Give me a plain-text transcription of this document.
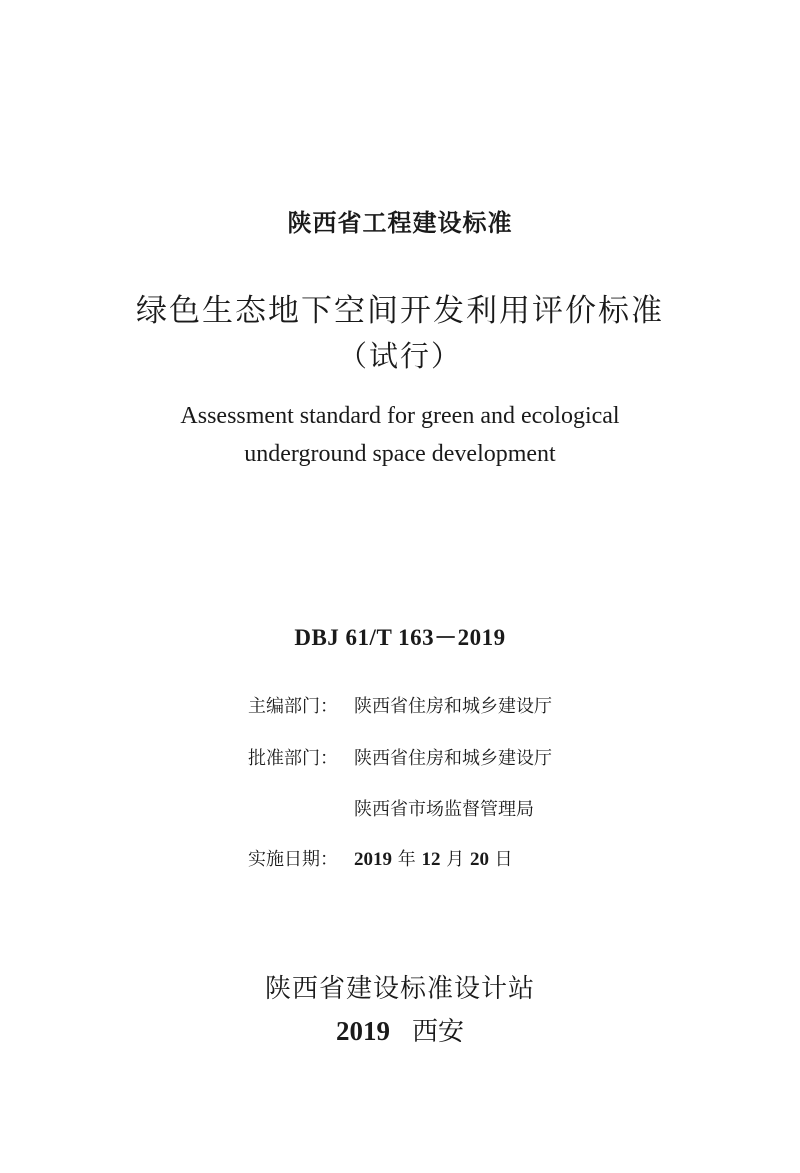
陕西省工程建设标准
绿色生态地下空间开发利用评价标准
（试行）
Assessment standard for green and ecological
underground space development
DBJ 61/T 163－2019
主编部门： 陕西省住房和城乡建设厅
批准部门： 陕西省住房和城乡建设厅
陕西省市场监督管理局
实施日期： 2019 年 12 月 20 日
陕西省建设标准设计站
2019 西安
